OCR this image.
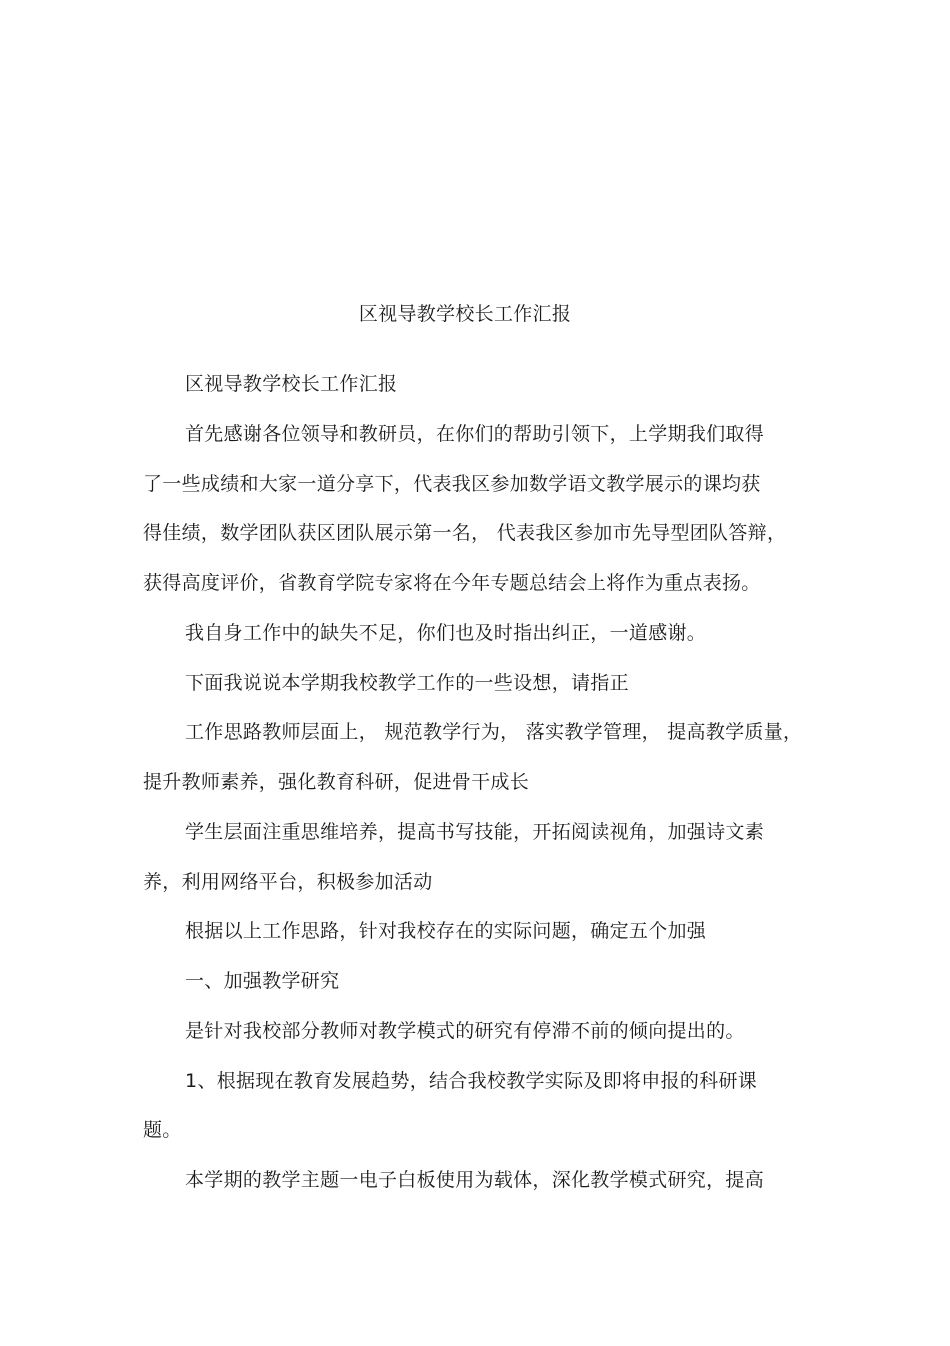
区视导教学校长工作汇报
区视导教学校长工作汇报
首先感谢各位领导和教研员，在你们的帮助引领下，上学期我们取得
了一些成绩和大家一道分享下，代表我区参加数学语文教学展示的课均获
得佳绩，数学团队获区团队展示第一名， 代表我区参加市先导型团队答辩，
获得高度评价，省教育学院专家将在今年专题总结会上将作为重点表扬。
我自身工作中的缺失不足，你们也及时指出纠正，一道感谢。
下面我说说本学期我校教学工作的一些设想，请指正
工作思路教师层面上， 规范教学行为， 落实教学管理， 提高教学质量，
提升教师素养，强化教育科研，促进骨干成长
学生层面注重思维培养，提高书写技能，开拓阅读视角，加强诗文素
养，利用网络平台，积极参加活动
根据以上工作思路，针对我校存在的实际问题，确定五个加强
一、加强教学研究
是针对我校部分教师对教学模式的研究有停滞不前的倾向提出的。
1、根据现在教育发展趋势，结合我校教学实际及即将申报的科研课
题。
本学期的教学主题一电子白板使用为载体，深化教学模式研究，提高
